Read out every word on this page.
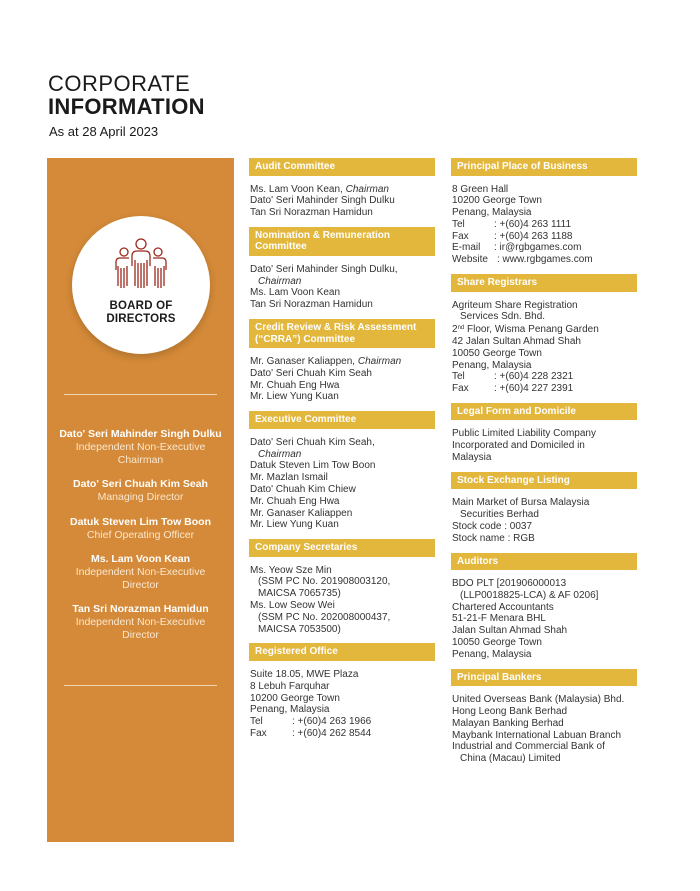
CORPORATE
INFORMATION
As at 28 April 2023
BOARD OF
DIRECTORS
Dato' Seri Mahinder Singh Dulku
Independent Non-Executive
Chairman
Dato' Seri Chuah Kim Seah
Managing Director
Datuk Steven Lim Tow Boon
Chief Operating Officer
Ms. Lam Voon Kean
Independent Non-Executive
Director
Tan Sri Norazman Hamidun
Independent Non-Executive
Director
Audit Committee
Ms. Lam Voon Kean, Chairman
Dato' Seri Mahinder Singh Dulku
Tan Sri Norazman Hamidun
Nomination & Remuneration Committee
Dato' Seri Mahinder Singh Dulku,
Chairman
Ms. Lam Voon Kean
Tan Sri Norazman Hamidun
Credit Review & Risk Assessment (“CRRA”) Committee
Mr. Ganaser Kaliappen, Chairman
Dato' Seri Chuah Kim Seah
Mr. Chuah Eng Hwa
Mr. Liew Yung Kuan
Executive Committee
Dato' Seri Chuah Kim Seah,
Chairman
Datuk Steven Lim Tow Boon
Mr. Mazlan Ismail
Dato' Chuah Kim Chiew
Mr. Chuah Eng Hwa
Mr. Ganaser Kaliappen
Mr. Liew Yung Kuan
Company Secretaries
Ms. Yeow Sze Min
(SSM PC No. 201908003120,
MAICSA 7065735)
Ms. Low Seow Wei
(SSM PC No. 202008000437,
MAICSA 7053500)
Registered Office
Suite 18.05, MWE Plaza
8 Lebuh Farquhar
10200 George Town
Penang, Malaysia
Tel	: +(60)4 263 1966
Fax	: +(60)4 262 8544
Principal Place of Business
8 Green Hall
10200 George Town
Penang, Malaysia
Tel	: +(60)4 263 1111
Fax	: +(60)4 263 1188
E-mail	: ir@rgbgames.com
Website : www.rgbgames.com
Share Registrars
Agriteum Share Registration
Services Sdn. Bhd.
2nd Floor, Wisma Penang Garden
42 Jalan Sultan Ahmad Shah
10050 George Town
Penang, Malaysia
Tel	: +(60)4 228 2321
Fax	: +(60)4 227 2391
Legal Form and Domicile
Public Limited Liability Company
Incorporated and Domiciled in
Malaysia
Stock Exchange Listing
Main Market of Bursa Malaysia
Securities Berhad
Stock code : 0037
Stock name : RGB
Auditors
BDO PLT [201906000013
(LLP0018825-LCA) & AF 0206]
Chartered Accountants
51-21-F Menara BHL
Jalan Sultan Ahmad Shah
10050 George Town
Penang, Malaysia
Principal Bankers
United Overseas Bank (Malaysia) Bhd.
Hong Leong Bank Berhad
Malayan Banking Berhad
Maybank International Labuan Branch
Industrial and Commercial Bank of
China (Macau) Limited
